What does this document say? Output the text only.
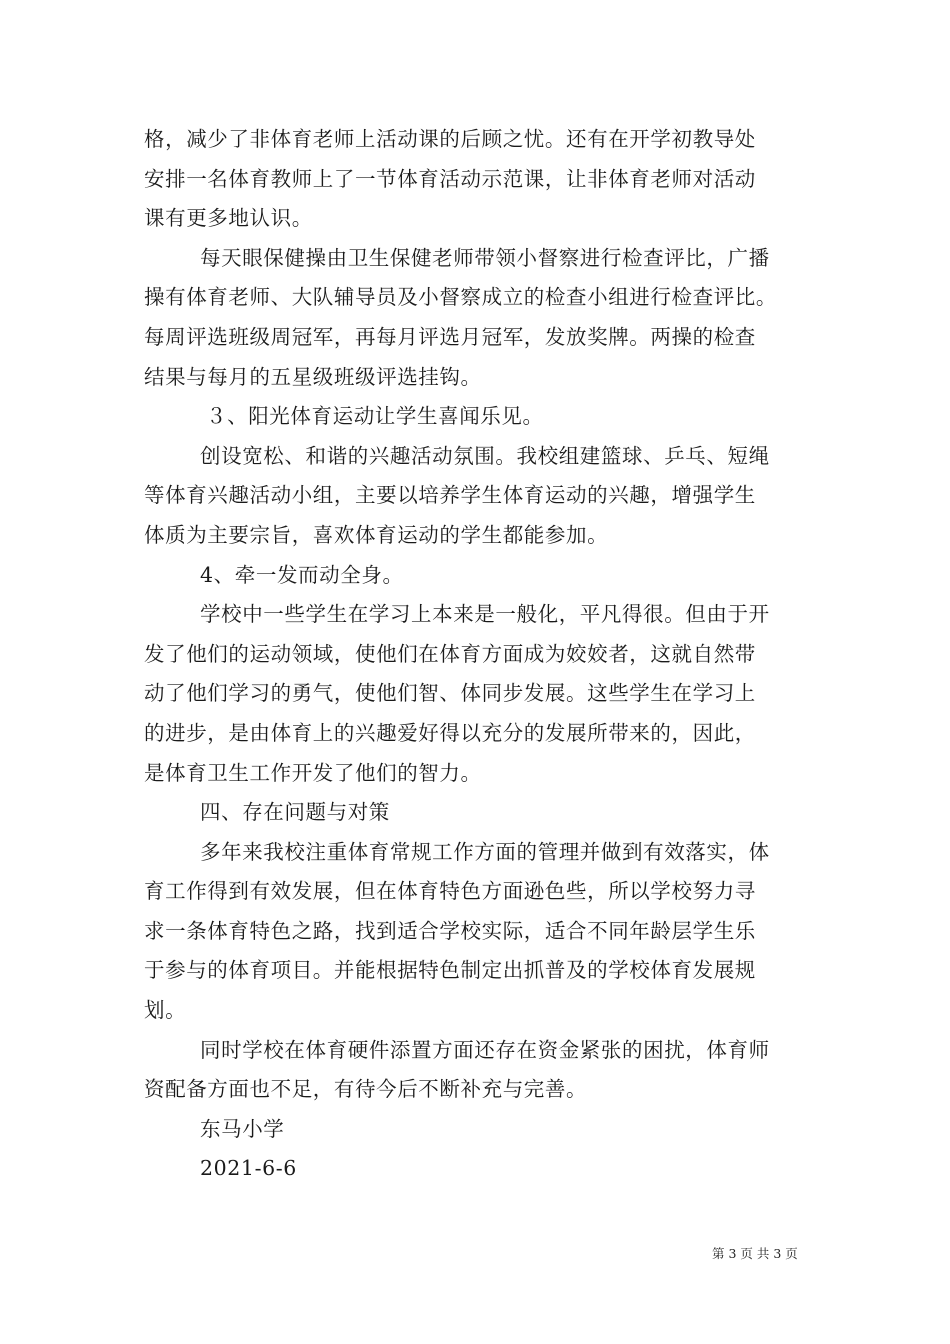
格，减少了非体育老师上活动课的后顾之忧。还有在开学初教导处
安排一名体育教师上了一节体育活动示范课，让非体育老师对活动
课有更多地认识。
每天眼保健操由卫生保健老师带领小督察进行检查评比，广播
操有体育老师、大队辅导员及小督察成立的检查小组进行检查评比。
每周评选班级周冠军，再每月评选月冠军，发放奖牌。两操的检查
结果与每月的五星级班级评选挂钩。
３、阳光体育运动让学生喜闻乐见。
创设宽松、和谐的兴趣活动氛围。我校组建篮球、乒乓、短绳
等体育兴趣活动小组，主要以培养学生体育运动的兴趣，增强学生
体质为主要宗旨，喜欢体育运动的学生都能参加。
4、牵一发而动全身。
学校中一些学生在学习上本来是一般化，平凡得很。但由于开
发了他们的运动领域，使他们在体育方面成为姣姣者，这就自然带
动了他们学习的勇气，使他们智、体同步发展。这些学生在学习上
的进步，是由体育上的兴趣爱好得以充分的发展所带来的，因此，
是体育卫生工作开发了他们的智力。
四、存在问题与对策
多年来我校注重体育常规工作方面的管理并做到有效落实，体
育工作得到有效发展，但在体育特色方面逊色些，所以学校努力寻
求一条体育特色之路，找到适合学校实际，适合不同年龄层学生乐
于参与的体育项目。并能根据特色制定出抓普及的学校体育发展规
划。
同时学校在体育硬件添置方面还存在资金紧张的困扰，体育师
资配备方面也不足，有待今后不断补充与完善。
东马小学
2021-6-6
第 3 页 共 3 页
